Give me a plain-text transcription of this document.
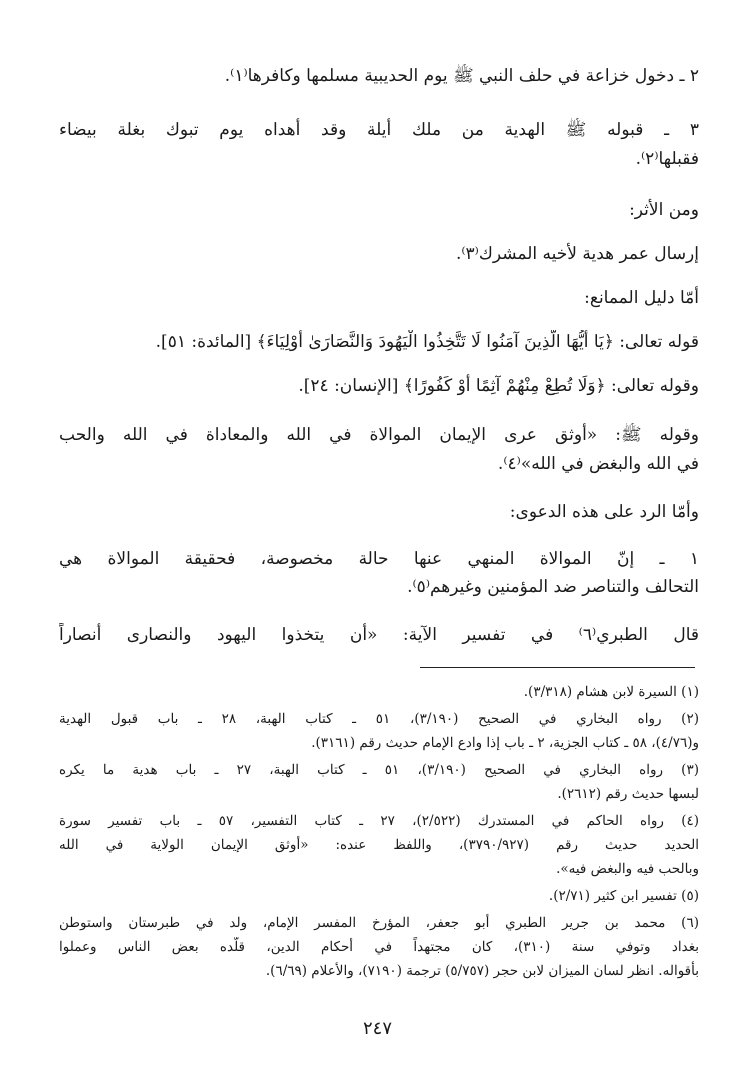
٢ ـ دخول خزاعة في حلف النبي ﷺ يوم الحديبية مسلمها وكافرها⁽١⁾.
٣ ـ قبوله ﷺ الهدية من ملك أيلة وقد أهداه يوم تبوك بغلة بيضاء
فقبلها⁽٢⁾.
ومن الأثر:
إرسال عمر هدية لأخيه المشرك⁽٣⁾.
أمّا دليل الممانع:
قوله تعالى: ﴿يَا أَيُّهَا الَّذِينَ آمَنُوا لَا تَتَّخِذُوا الْيَهُودَ وَالنَّصَارَىٰ أَوْلِيَاءَ﴾ [المائدة: ٥١].
وقوله تعالى: ﴿وَلَا تُطِعْ مِنْهُمْ آثِمًا أَوْ كَفُورًا﴾ [الإنسان: ٢٤].
وقوله ﷺ: «أوثق عرى الإيمان الموالاة في الله والمعاداة في الله والحب
في الله والبغض في الله»⁽٤⁾.
وأمّا الرد على هذه الدعوى:
١ ـ إنّ الموالاة المنهي عنها حالة مخصوصة، فحقيقة الموالاة هي
التحالف والتناصر ضد المؤمنين وغيرهم⁽٥⁾.
قال الطبري⁽٦⁾ في تفسير الآية: «أن يتخذوا اليهود والنصارى أنصاراً
(١) السيرة لابن هشام (٣/٣١٨).
(٢) رواه البخاري في الصحيح (٣/١٩٠)، ٥١ ـ كتاب الهبة، ٢٨ ـ باب قبول الهدية
و(٤/٧٦)، ٥٨ ـ كتاب الجزية، ٢ ـ باب إذا وادع الإمام حديث رقم (٣١٦١).
(٣) رواه البخاري في الصحيح (٣/١٩٠)، ٥١ ـ كتاب الهبة، ٢٧ ـ باب هدية ما يكره
لبسها حديث رقم (٢٦١٢).
(٤) رواه الحاكم في المستدرك (٢/٥٢٢)، ٢٧ ـ كتاب التفسير، ٥٧ ـ باب تفسير سورة
الحديد حديث رقم (٣٧٩٠/٩٢٧)، واللفظ عنده: «أوثق الإيمان الولاية في الله
وبالحب فيه والبغض فيه».
(٥) تفسير ابن كثير (٢/٧١).
(٦) محمد بن جرير الطبري أبو جعفر، المؤرخ المفسر الإمام، ولد في طبرستان واستوطن
بغداد وتوفي سنة (٣١٠)، كان مجتهداً في أحكام الدين، قلّده بعض الناس وعملوا
بأقواله. انظر لسان الميزان لابن حجر (٥/٧٥٧) ترجمة (٧١٩٠)، والأعلام (٦/٦٩).
٢٤٧
